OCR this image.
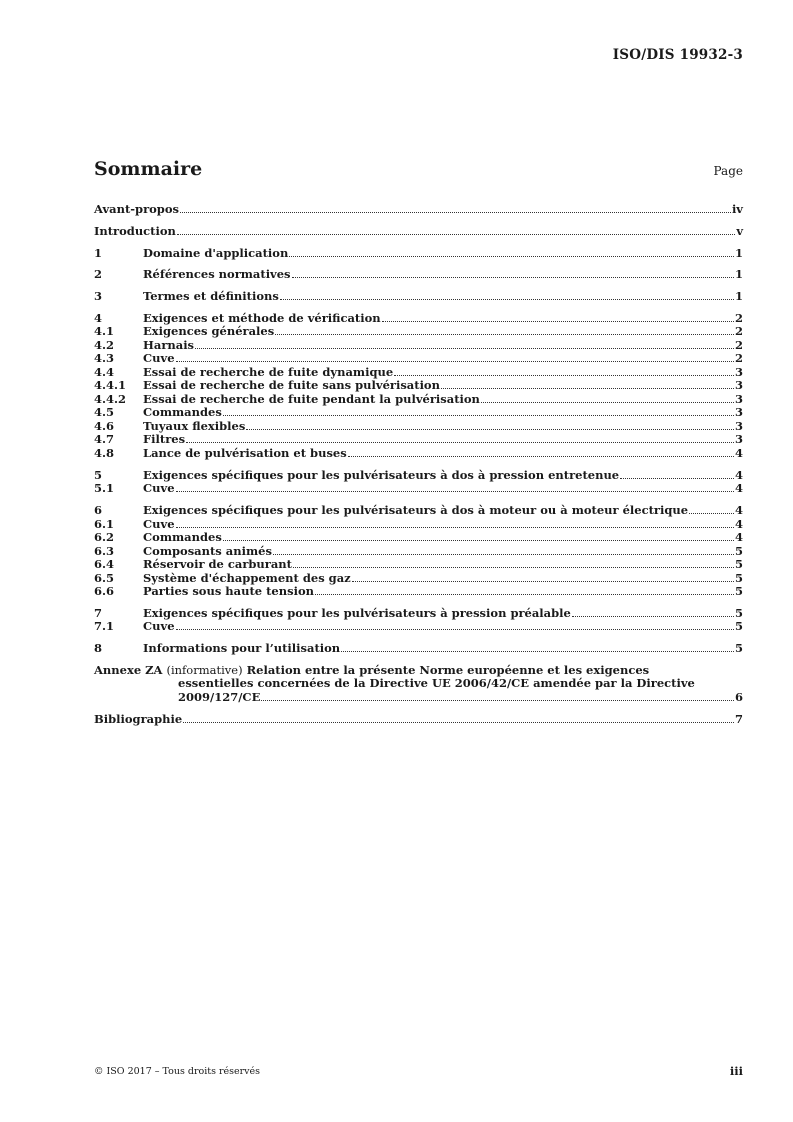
ISO/DIS 19932-3
Sommaire	Page
Avant-propos	iv
Introduction	v
1	Domaine d'application	1
2	Références normatives	1
3	Termes et définitions	1
4	Exigences et méthode de vérification	2
4.1	Exigences générales	2
4.2	Harnais	2
4.3	Cuve	2
4.4	Essai de recherche de fuite dynamique	3
4.4.1	Essai de recherche de fuite sans pulvérisation	3
4.4.2	Essai de recherche de fuite pendant la pulvérisation	3
4.5	Commandes	3
4.6	Tuyaux flexibles	3
4.7	Filtres	3
4.8	Lance de pulvérisation et buses	4
5	Exigences spécifiques pour les pulvérisateurs à dos à pression entretenue	4
5.1	Cuve	4
6	Exigences spécifiques pour les pulvérisateurs à dos à moteur ou à moteur électrique	4
6.1	Cuve	4
6.2	Commandes	4
6.3	Composants animés	5
6.4	Réservoir de carburant	5
6.5	Système d'échappement des gaz	5
6.6	Parties sous haute tension	5
7	Exigences spécifiques pour les pulvérisateurs à pression préalable	5
7.1	Cuve	5
8	Informations pour l’utilisation	5
Annexe ZA (informative) Relation entre la présente Norme européenne et les exigences
essentielles concernées de la Directive UE 2006/42/CE amendée par la Directive
2009/127/CE	6
Bibliographie	7
© ISO 2017 – Tous droits réservés	iii
